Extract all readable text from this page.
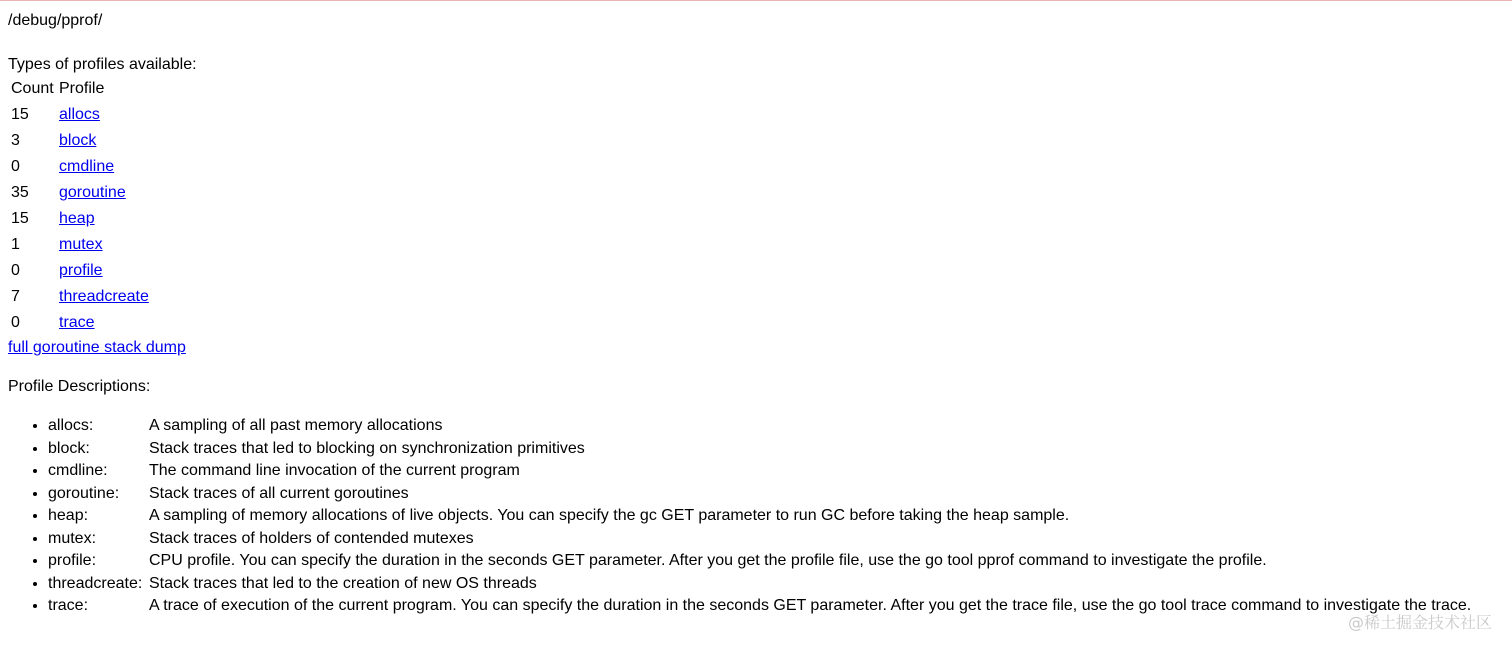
/debug/pprof/
Types of profiles available:
Count	Profile
15	allocs
3	block
0	cmdline
35	goroutine
15	heap
1	mutex
0	profile
7	threadcreate
0	trace
full goroutine stack dump
Profile Descriptions:
• allocs:	A sampling of all past memory allocations
• block:	Stack traces that led to blocking on synchronization primitives
• cmdline:	The command line invocation of the current program
• goroutine: Stack traces of all current goroutines
• heap:	A sampling of memory allocations of live objects. You can specify the gc GET parameter to run GC before taking the heap sample.
• mutex:	Stack traces of holders of contended mutexes
• profile:	CPU profile. You can specify the duration in the seconds GET parameter. After you get the profile file, use the go tool pprof command to investigate the profile.
• threadcreate: Stack traces that led to the creation of new OS threads
• trace:	A trace of execution of the current program. You can specify the duration in the seconds GET parameter. After you get the trace file, use the go tool trace command to investigate the trace.
@稀土掘金技术社区
